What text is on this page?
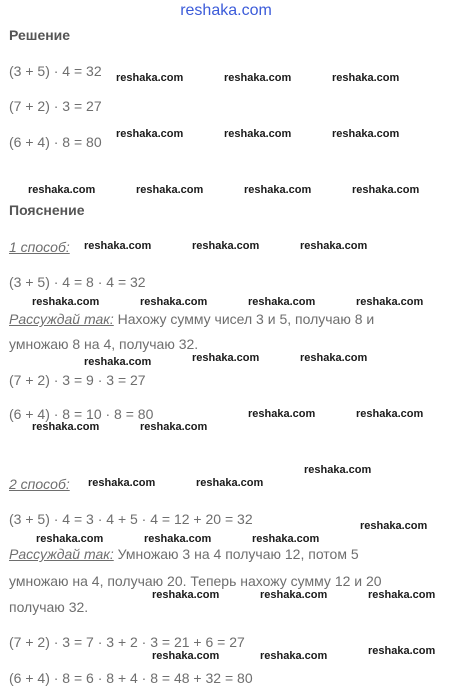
reshaka.com
Решение
(3 + 5) · 4 = 32
(7 + 2) · 3 = 27
(6 + 4) · 8 = 80
Пояснение
1 способ:
(3 + 5) · 4 = 8 · 4 = 32
Рассуждай так: Нахожу сумму чисел 3 и 5, получаю 8 и
умножаю 8 на 4, получаю 32.
(7 + 2) · 3 = 9 · 3 = 27
(6 + 4) · 8 = 10 · 8 = 80
2 способ:
(3 + 5) · 4 = 3 · 4 + 5 · 4 = 12 + 20 = 32
Рассуждай так: Умножаю 3 на 4 получаю 12, потом 5
умножаю на 4, получаю 20. Теперь нахожу сумму 12 и 20
получаю 32.
(7 + 2) · 3 = 7 · 3 + 2 · 3 = 21 + 6 = 27
(6 + 4) · 8 = 6 · 8 + 4 · 8 = 48 + 32 = 80
reshaka.com	reshaka.com	reshaka.com
reshaka.com	reshaka.com	reshaka.com
reshaka.com	reshaka.com	reshaka.com	reshaka.com
reshaka.com	reshaka.com	reshaka.com
reshaka.com	reshaka.com	reshaka.com	reshaka.com
reshaka.com	reshaka.com	reshaka.com
reshaka.com	reshaka.com
reshaka.com	reshaka.com
reshaka.com
reshaka.com	reshaka.com
reshaka.com
reshaka.com	reshaka.com	reshaka.com
reshaka.com	reshaka.com	reshaka.com
reshaka.com
reshaka.com	reshaka.com
